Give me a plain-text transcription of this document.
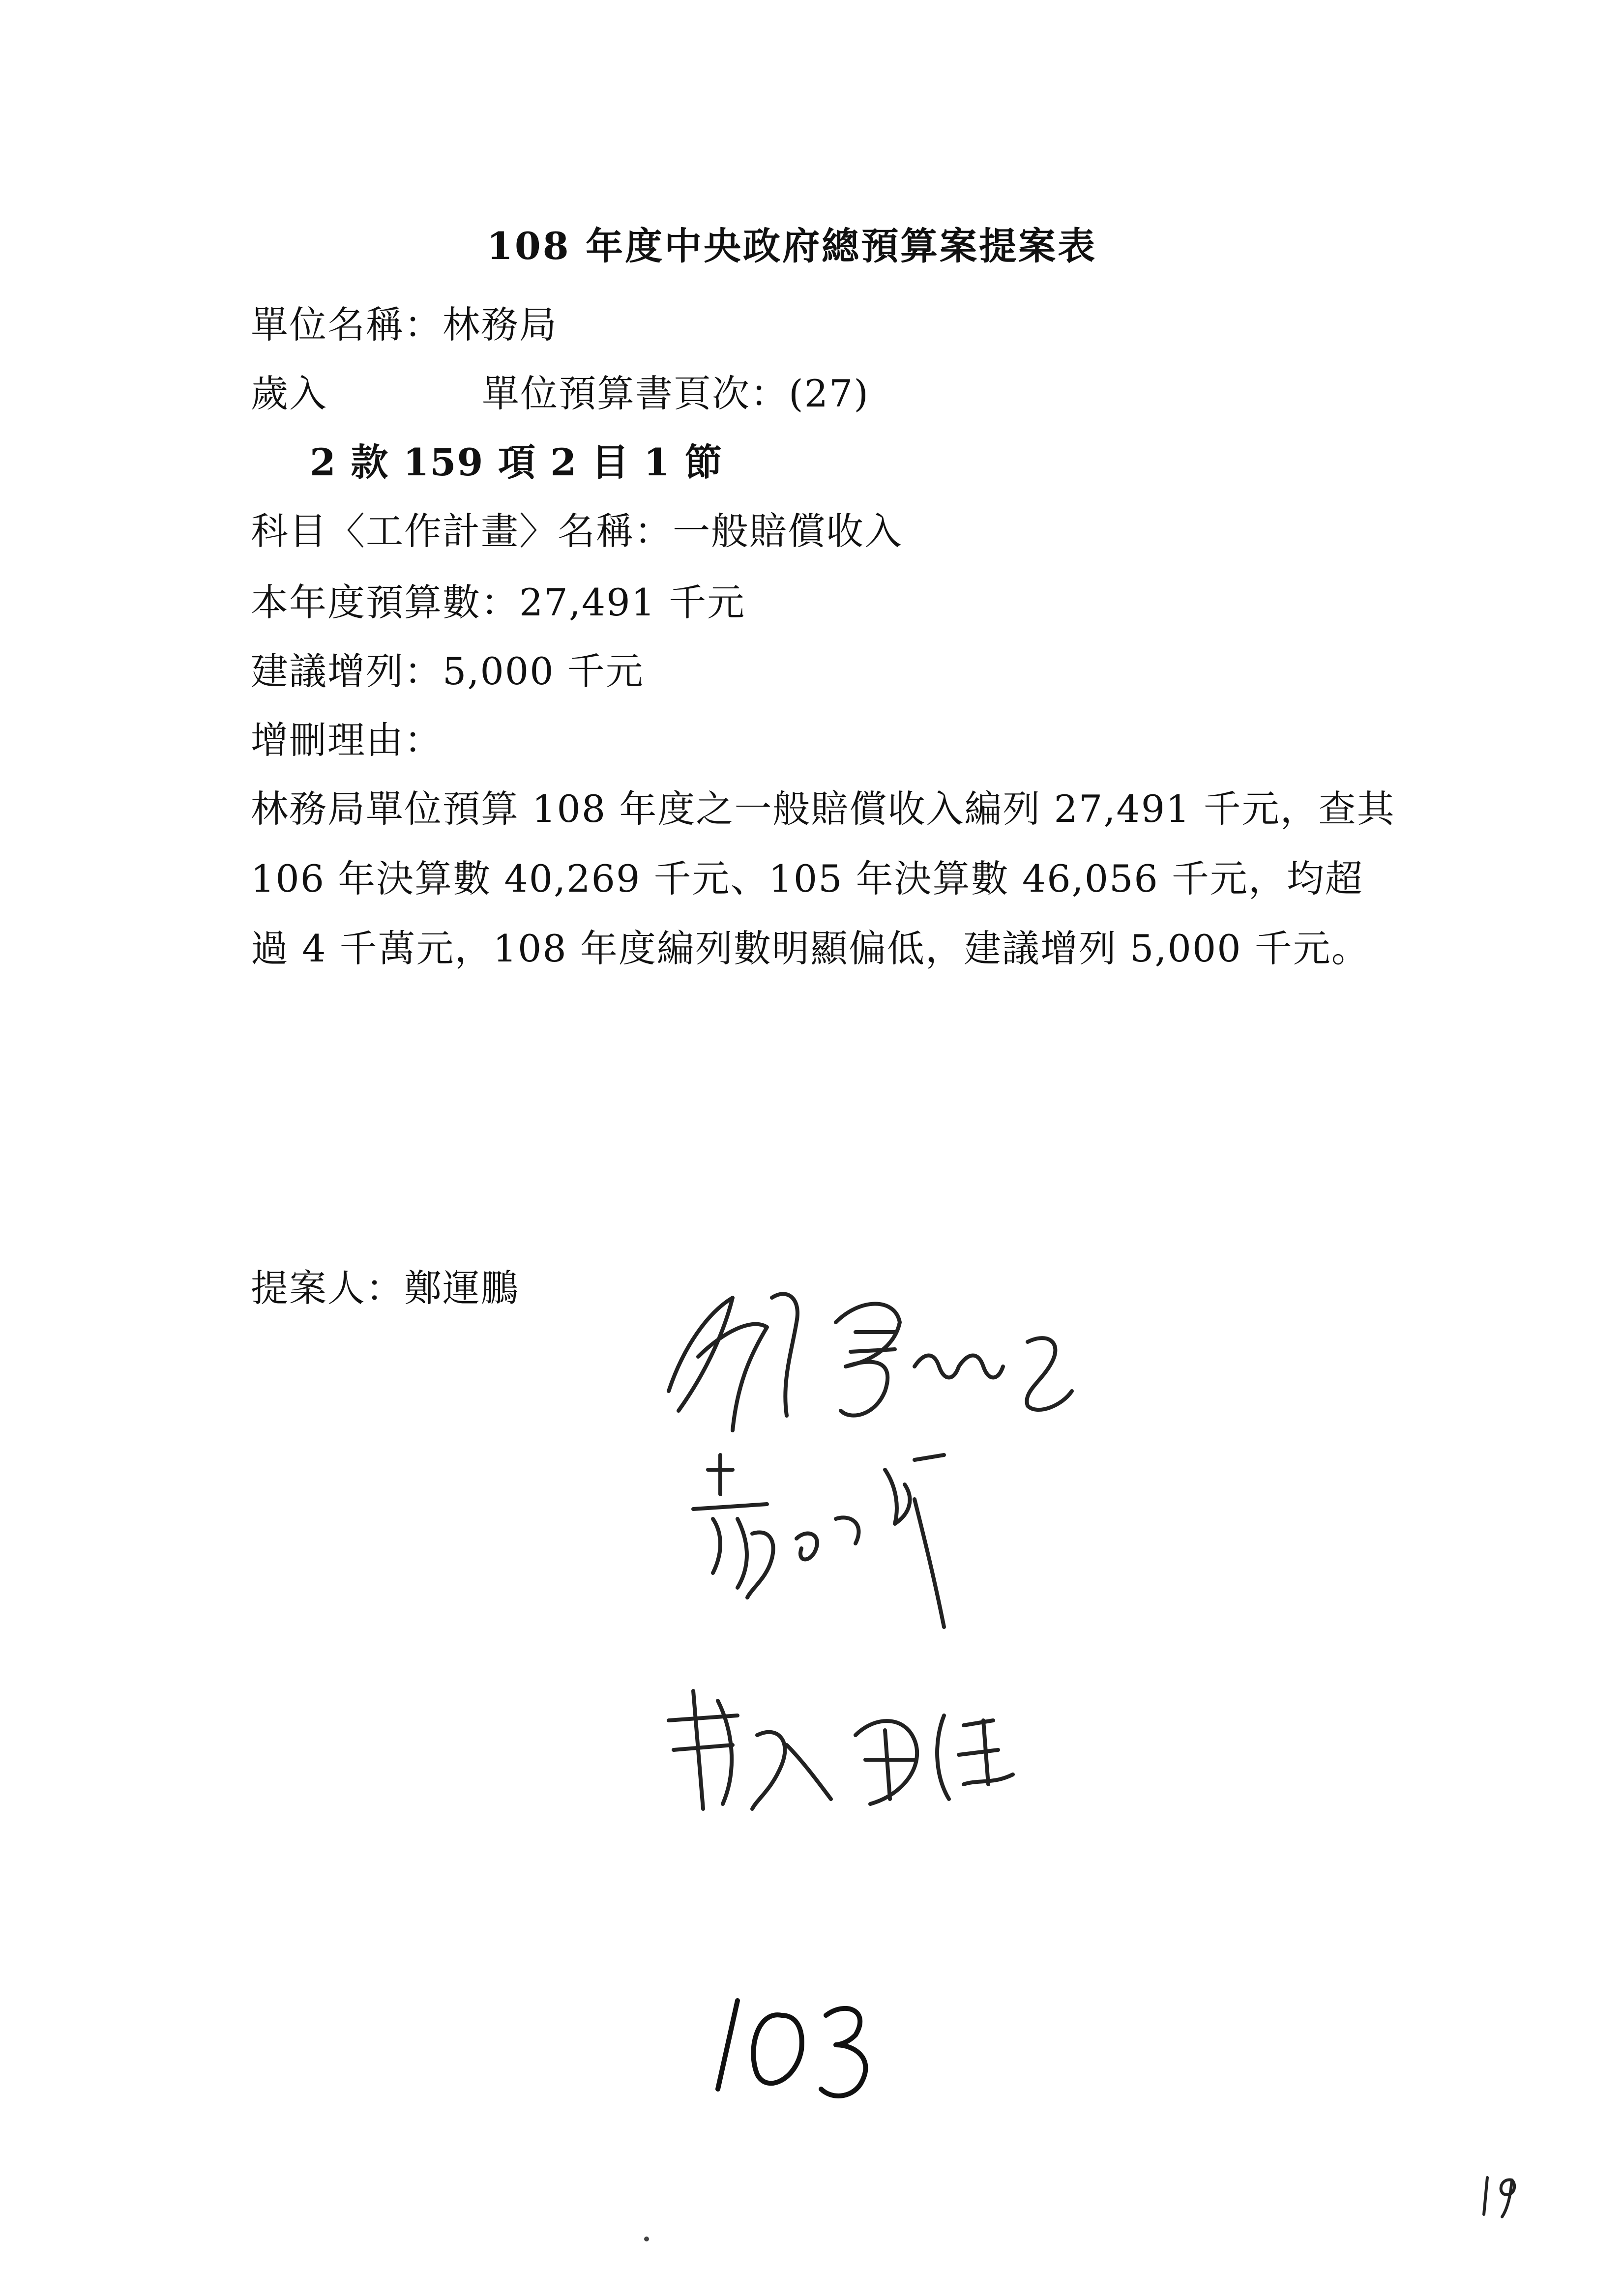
108 年度中央政府總預算案提案表
單位名稱：林務局
歲入	單位預算書頁次：(27)
2 款 159 項 2 目 1 節
科目〈工作計畫〉名稱：一般賠償收入
本年度預算數：27,491 千元
建議增列：5,000 千元
增刪理由：
林務局單位預算 108 年度之一般賠償收入編列 27,491 千元，查其 106 年決算數 40,269 千元、105 年決算數 46,056 千元，均超過 4 千萬元，108 年度編列數明顯偏低，建議增列 5,000 千元。
提案人：鄭運鵬
